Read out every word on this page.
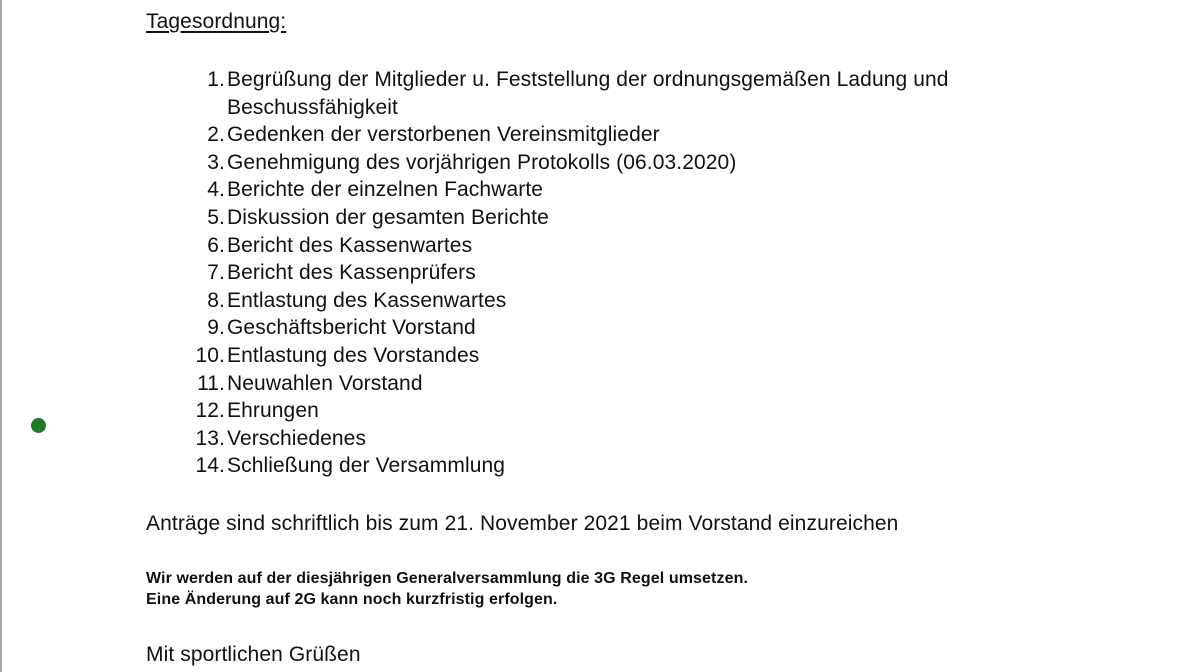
Tagesordnung:
1. Begrüßung der Mitglieder u. Feststellung der ordnungsgemäßen Ladung und Beschussfähigkeit
2. Gedenken der verstorbenen Vereinsmitglieder
3. Genehmigung des vorjährigen Protokolls (06.03.2020)
4. Berichte der einzelnen Fachwarte
5. Diskussion der gesamten Berichte
6. Bericht des Kassenwartes
7. Bericht des Kassenprüfers
8. Entlastung des Kassenwartes
9. Geschäftsbericht Vorstand
10. Entlastung des Vorstandes
11. Neuwahlen Vorstand
12. Ehrungen
13. Verschiedenes
14. Schließung der Versammlung
Anträge sind schriftlich bis zum 21. November 2021 beim Vorstand einzureichen
Wir werden auf der diesjährigen Generalversammlung die 3G Regel umsetzen.
Eine Änderung auf 2G kann noch kurzfristig erfolgen.
Mit sportlichen Grüßen
